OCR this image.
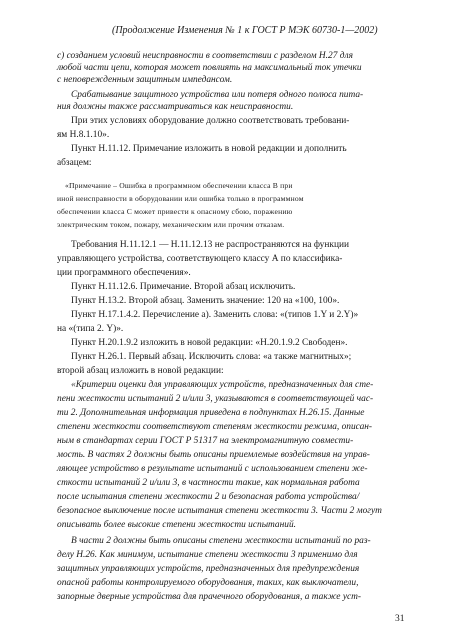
(Продолжение Изменения № 1 к ГОСТ Р МЭК 60730-1—2002)
с) созданием условий неисправности в соответствии с разделом Н.27 для
любой части цепи, которая может повлиять на максимальный ток утечки
с неповрежденным защитным импедансом.
Срабатывание защитного устройства или потеря одного полюса пита-
ния должны также рассматриваться как неисправности.
При этих условиях оборудование должно соответствовать требовани-
ям Н.8.1.10».
Пункт Н.11.12. Примечание изложить в новой редакции и дополнить
абзацем:
«Примечание – Ошибка в программном обеспечении класса В при
иной неисправности в оборудовании или ошибка только в программном
обеспечении класса С может привести к опасному сбою, поражению
электрическим током, пожару, механическим или прочим отказам.
Требования Н.11.12.1 — Н.11.12.13 не распространяются на функции
управляющего устройства, соответствующего классу А по классифика-
ции программного обеспечения».
Пункт Н.11.12.6. Примечание. Второй абзац исключить.
Пункт Н.13.2. Второй абзац. Заменить значение: 120 на «100, 100».
Пункт Н.17.1.4.2. Перечисление а). Заменить слова: «(типов 1.Y и 2.Y)»
на «(типа 2. Y)».
Пункт Н.20.1.9.2 изложить в новой редакции: «Н.20.1.9.2 Свободен».
Пункт Н.26.1. Первый абзац. Исключить слова: «а также магнитных»;
второй абзац изложить в новой редакции:
«Критерии оценки для управляющих устройств, предназначенных для сте-
пени жесткости испытаний 2 и/или 3, указываются в соответствующей час-
ти 2. Дополнительная информация приведена в подпунктах Н.26.15. Данные
степени жесткости соответствуют степеням жесткости режима, описан-
ным в стандартах серии ГОСТ Р 51317 на электромагнитную совмести-
мость. В частях 2 должны быть описаны приемлемые воздействия на управ-
ляющее устройство в результате испытаний с использованием степени же-
сткости испытаний 2 и/или 3, в частности такие, как нормальная работа
после испытания степени жесткости 2 и безопасная работа устройства/
безопасное выключение после испытания степени жесткости 3. Части 2 могут
описывать более высокие степени жесткости испытаний.
В части 2 должны быть описаны степени жесткости испытаний по раз-
делу Н.26. Как минимум, испытание степени жесткости 3 применимо для
защитных управляющих устройств, предназначенных для предупреждения
опасной работы контролируемого оборудования, таких, как выключатели,
запорные дверные устройства для прачечного оборудования, а также уст-
31
